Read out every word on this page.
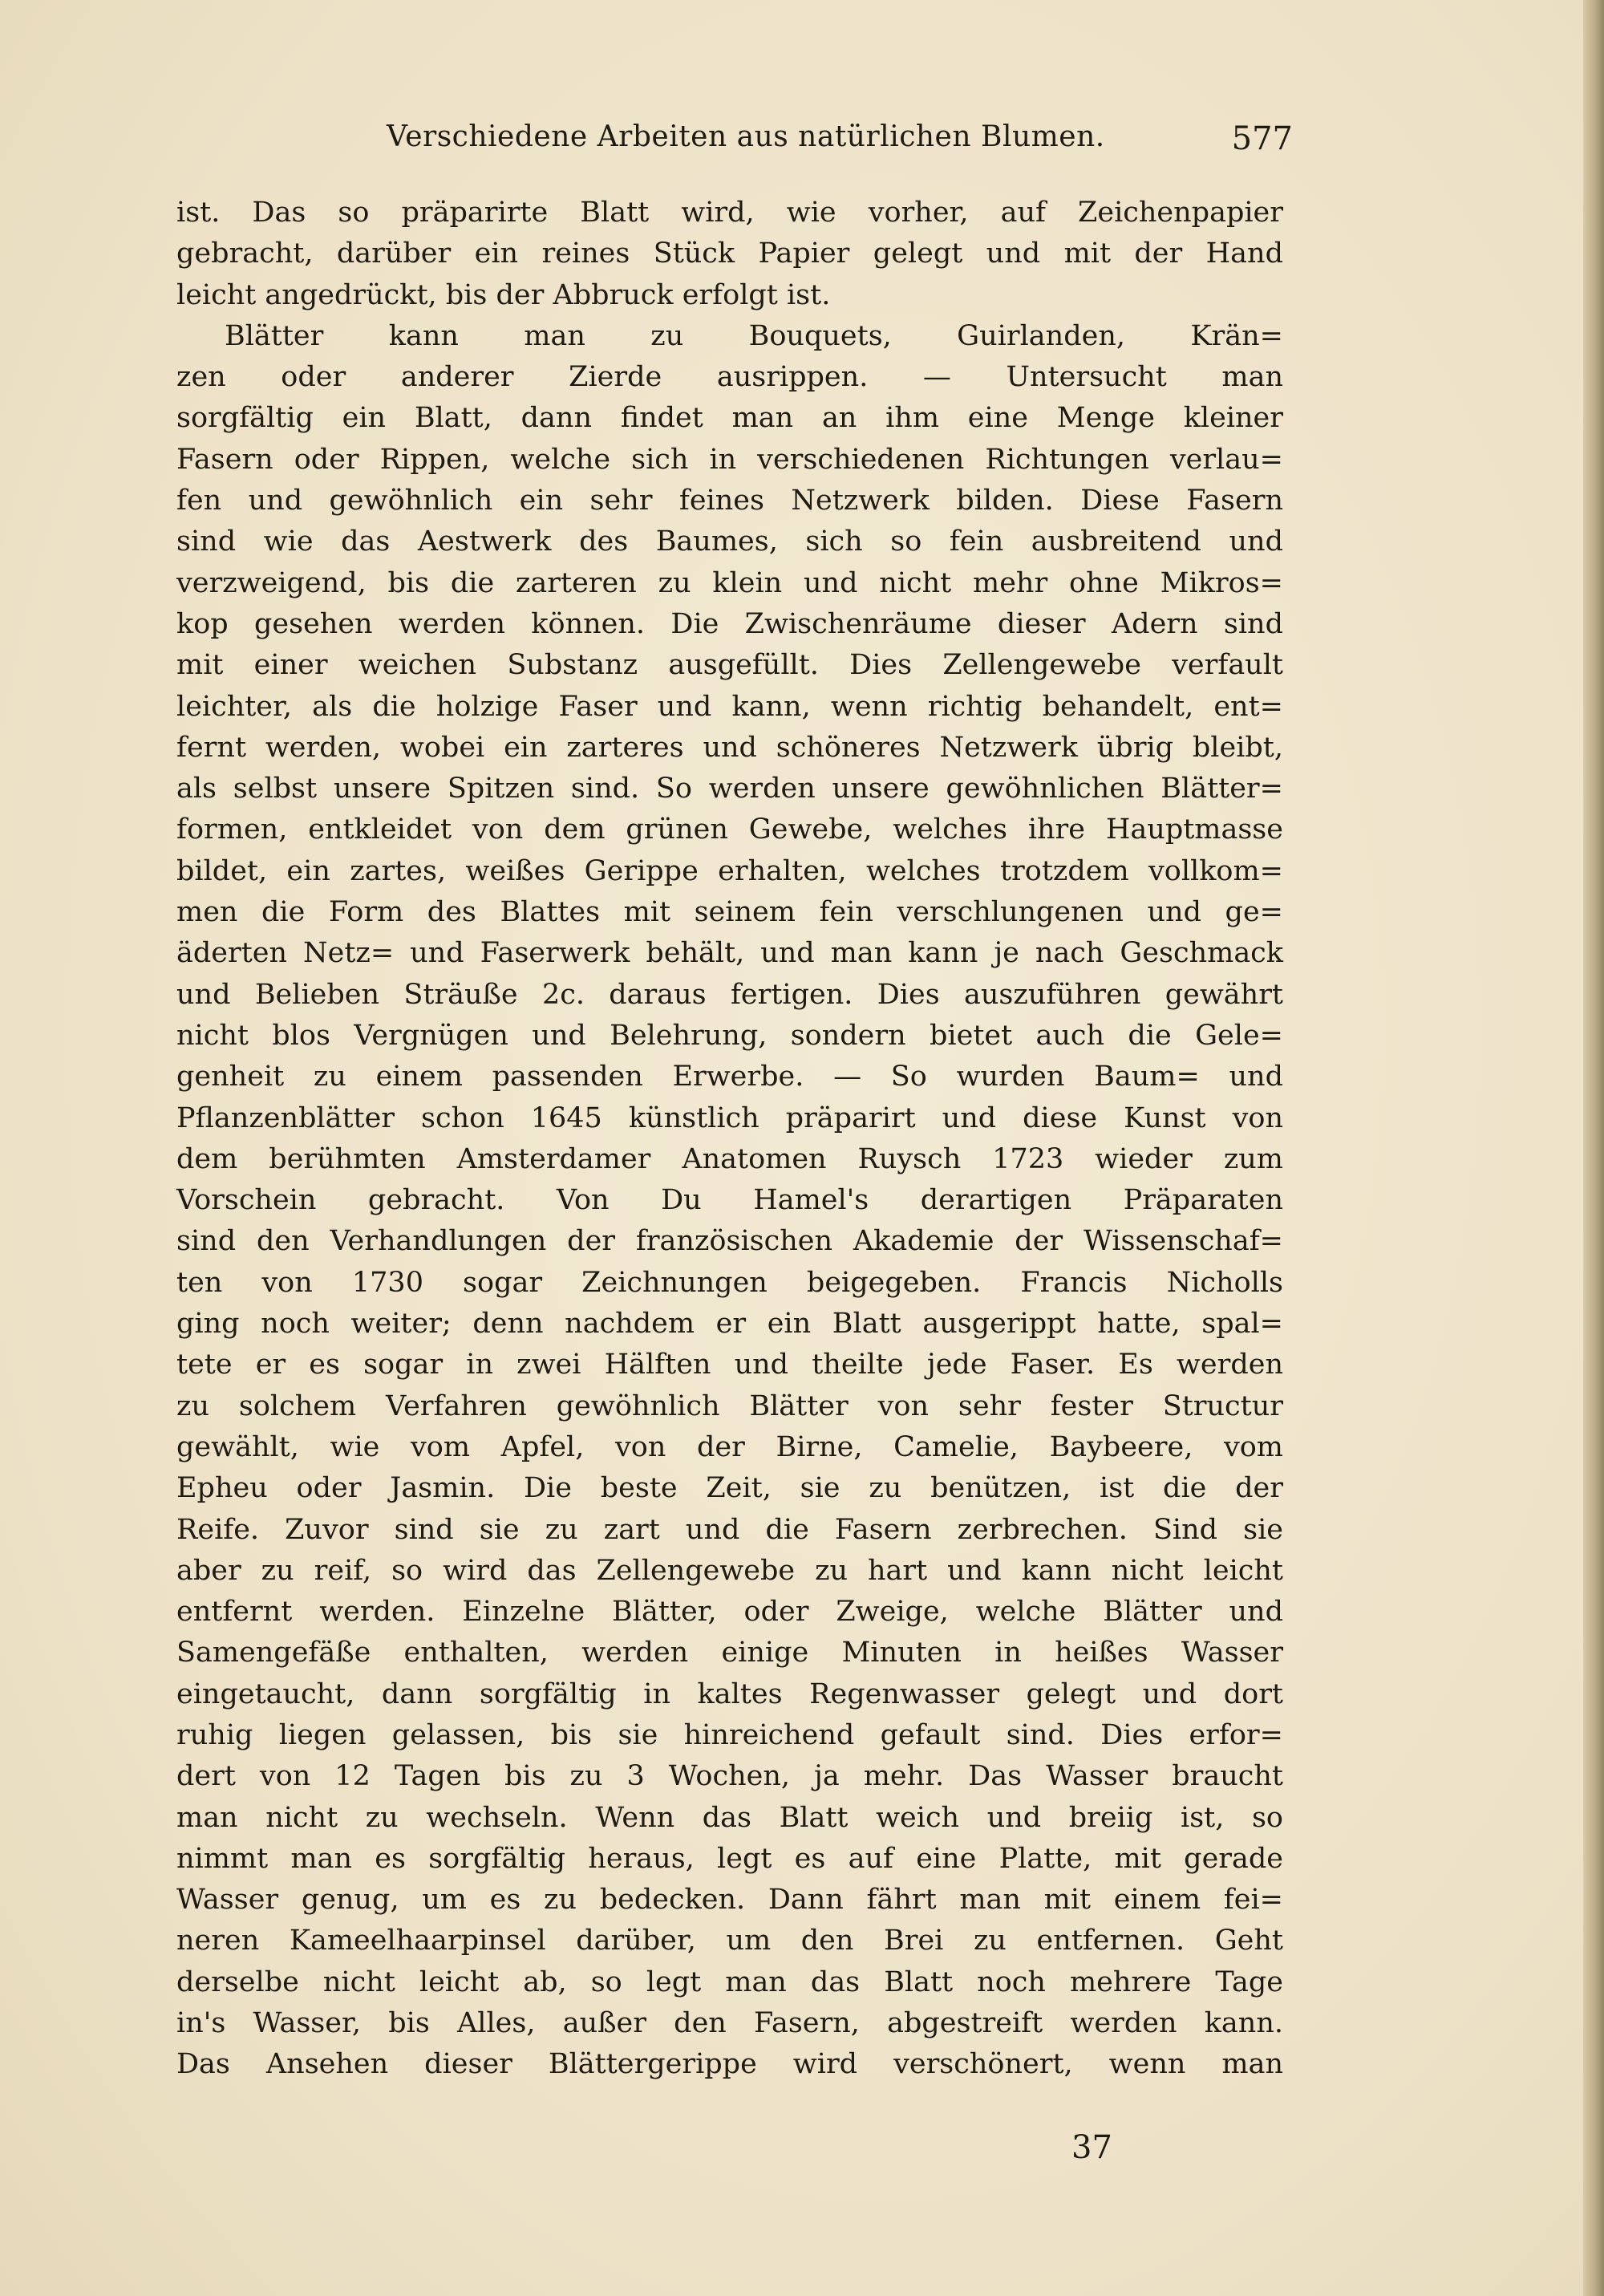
Verschiedene Arbeiten aus natürlichen Blumen.	577
ist. Das so präparirte Blatt wird, wie vorher, auf Zeichenpapier
gebracht, darüber ein reines Stück Papier gelegt und mit der Hand
leicht angedrückt, bis der Abbruck erfolgt ist.
Blätter kann man zu Bouquets, Guirlanden, Krän=
zen oder anderer Zierde ausrippen. — Untersucht man
sorgfältig ein Blatt, dann findet man an ihm eine Menge kleiner
Fasern oder Rippen, welche sich in verschiedenen Richtungen verlau=
fen und gewöhnlich ein sehr feines Netzwerk bilden. Diese Fasern
sind wie das Aestwerk des Baumes, sich so fein ausbreitend und
verzweigend, bis die zarteren zu klein und nicht mehr ohne Mikros=
kop gesehen werden können. Die Zwischenräume dieser Adern sind
mit einer weichen Substanz ausgefüllt. Dies Zellengewebe verfault
leichter, als die holzige Faser und kann, wenn richtig behandelt, ent=
fernt werden, wobei ein zarteres und schöneres Netzwerk übrig bleibt,
als selbst unsere Spitzen sind. So werden unsere gewöhnlichen Blätter=
formen, entkleidet von dem grünen Gewebe, welches ihre Hauptmasse
bildet, ein zartes, weißes Gerippe erhalten, welches trotzdem vollkom=
men die Form des Blattes mit seinem fein verschlungenen und ge=
äderten Netz= und Faserwerk behält, und man kann je nach Geschmack
und Belieben Sträuße 2c. daraus fertigen. Dies auszuführen gewährt
nicht blos Vergnügen und Belehrung, sondern bietet auch die Gele=
genheit zu einem passenden Erwerbe. — So wurden Baum= und
Pflanzenblätter schon 1645 künstlich präparirt und diese Kunst von
dem berühmten Amsterdamer Anatomen Ruysch 1723 wieder zum
Vorschein gebracht. Von Du Hamel's derartigen Präparaten
sind den Verhandlungen der französischen Akademie der Wissenschaf=
ten von 1730 sogar Zeichnungen beigegeben. Francis Nicholls
ging noch weiter; denn nachdem er ein Blatt ausgerippt hatte, spal=
tete er es sogar in zwei Hälften und theilte jede Faser. Es werden
zu solchem Verfahren gewöhnlich Blätter von sehr fester Structur
gewählt, wie vom Apfel, von der Birne, Camelie, Baybeere, vom
Epheu oder Jasmin. Die beste Zeit, sie zu benützen, ist die der
Reife. Zuvor sind sie zu zart und die Fasern zerbrechen. Sind sie
aber zu reif, so wird das Zellengewebe zu hart und kann nicht leicht
entfernt werden. Einzelne Blätter, oder Zweige, welche Blätter und
Samengefäße enthalten, werden einige Minuten in heißes Wasser
eingetaucht, dann sorgfältig in kaltes Regenwasser gelegt und dort
ruhig liegen gelassen, bis sie hinreichend gefault sind. Dies erfor=
dert von 12 Tagen bis zu 3 Wochen, ja mehr. Das Wasser braucht
man nicht zu wechseln. Wenn das Blatt weich und breiig ist, so
nimmt man es sorgfältig heraus, legt es auf eine Platte, mit gerade
Wasser genug, um es zu bedecken. Dann fährt man mit einem fei=
neren Kameelhaarpinsel darüber, um den Brei zu entfernen. Geht
derselbe nicht leicht ab, so legt man das Blatt noch mehrere Tage
in's Wasser, bis Alles, außer den Fasern, abgestreift werden kann.
Das Ansehen dieser Blättergerippe wird verschönert, wenn man
37
